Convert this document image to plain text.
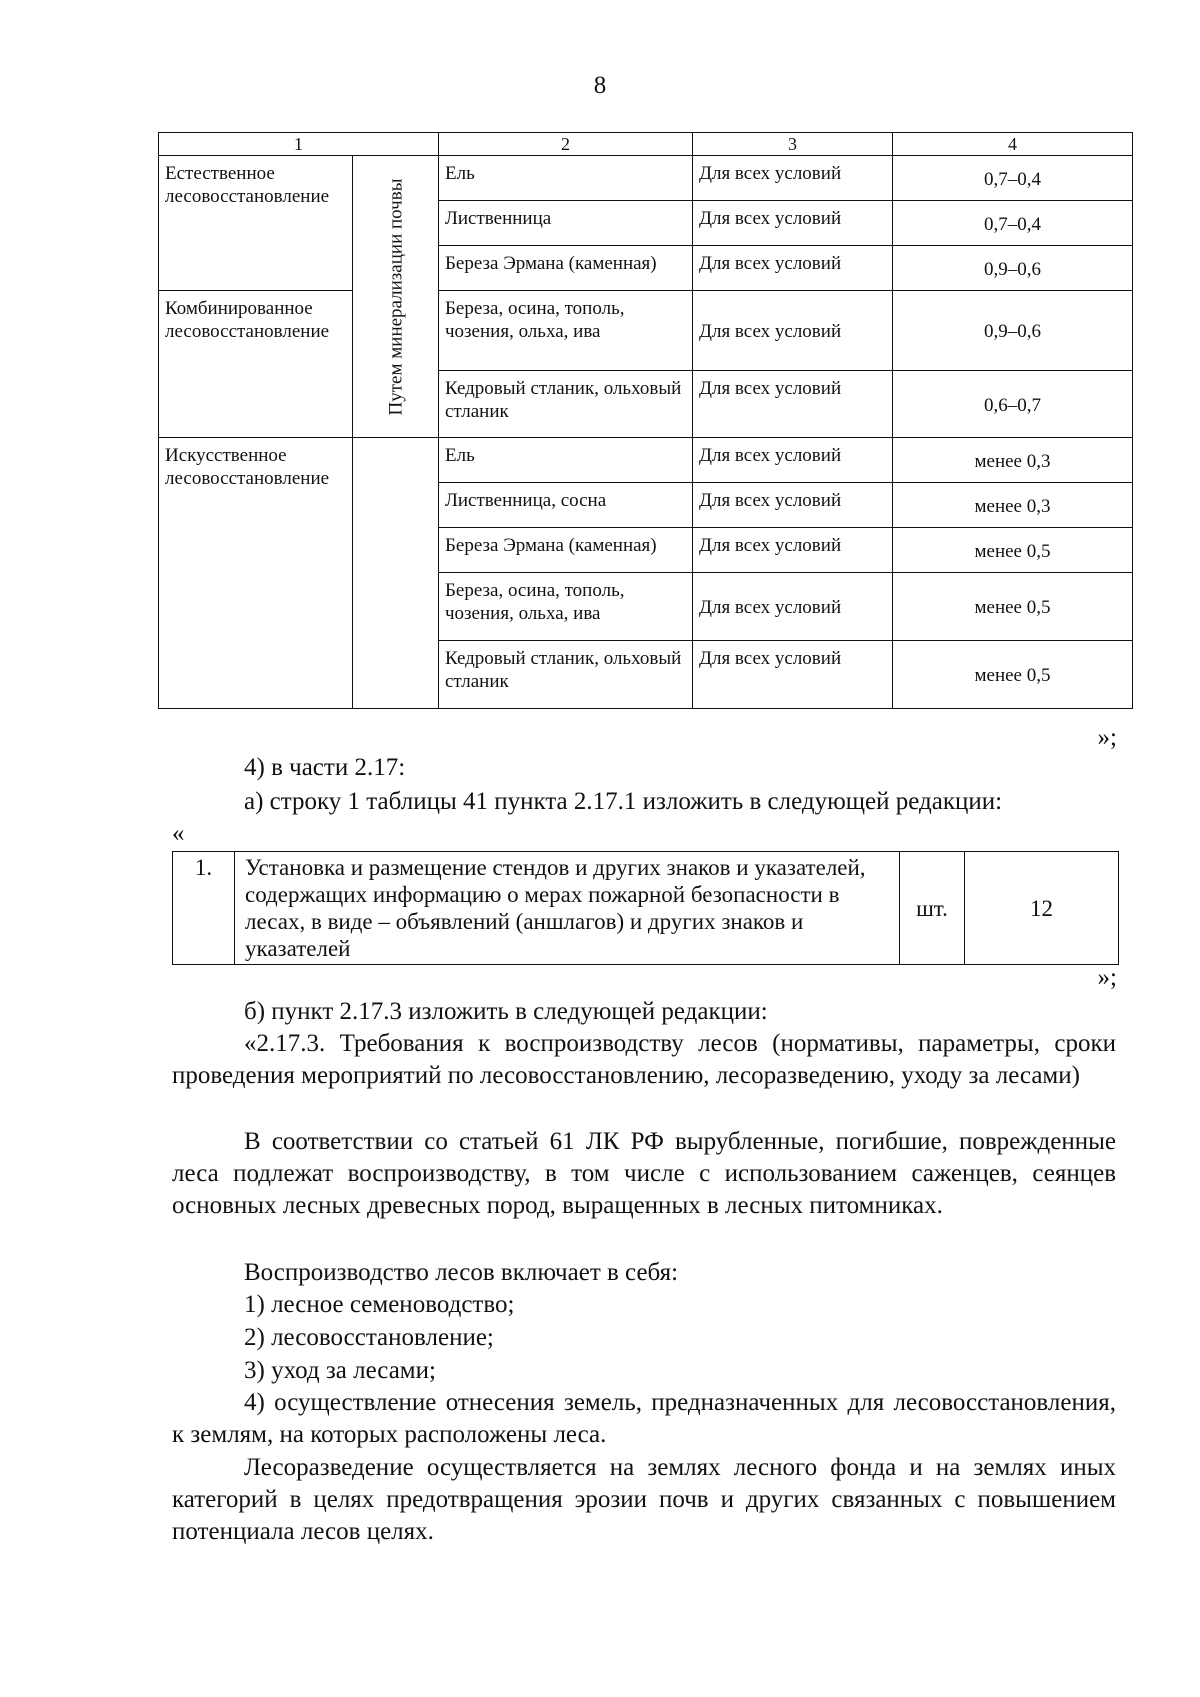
8
1		2	3	4
Естественное лесовосстановление	Путем минерализации почвы	Ель	Для всех условий	0,7–0,4
		Лиственница	Для всех условий	0,7–0,4
		Береза Эрмана (каменная)	Для всех условий	0,9–0,6
Комбинированное лесовосстановление		Береза, осина, тополь, чозения, ольха, ива	Для всех условий	0,9–0,6
		Кедровый стланик, ольховый стланик	Для всех условий	0,6–0,7
Искусственное лесовосстановление		Ель	Для всех условий	менее 0,3
		Лиственница, сосна	Для всех условий	менее 0,3
		Береза Эрмана (каменная)	Для всех условий	менее 0,5
		Береза, осина, тополь, чозения, ольха, ива	Для всех условий	менее 0,5
		Кедровый стланик, ольховый стланик	Для всех условий	менее 0,5
»;
4) в части 2.17:
а) строку 1 таблицы 41 пункта 2.17.1 изложить в следующей редакции:
«
1.	Установка и размещение стендов и других знаков и указателей, содержащих информацию о мерах пожарной безопасности в лесах, в виде – объявлений (аншлагов) и других знаков и указателей	шт.	12
»;
б) пункт 2.17.3 изложить в следующей редакции:
«2.17.3. Требования к воспроизводству лесов (нормативы, параметры, сроки проведения мероприятий по лесовосстановлению, лесоразведению, уходу за лесами)
В соответствии со статьей 61 ЛК РФ вырубленные, погибшие, поврежденные леса подлежат воспроизводству, в том числе с использованием саженцев, сеянцев основных лесных древесных пород, выращенных в лесных питомниках.
Воспроизводство лесов включает в себя:
1) лесное семеноводство;
2) лесовосстановление;
3) уход за лесами;
4) осуществление отнесения земель, предназначенных для лесовосстановления, к землям, на которых расположены леса.
Лесоразведение осуществляется на землях лесного фонда и на землях иных категорий в целях предотвращения эрозии почв и других связанных с повышением потенциала лесов целях.
